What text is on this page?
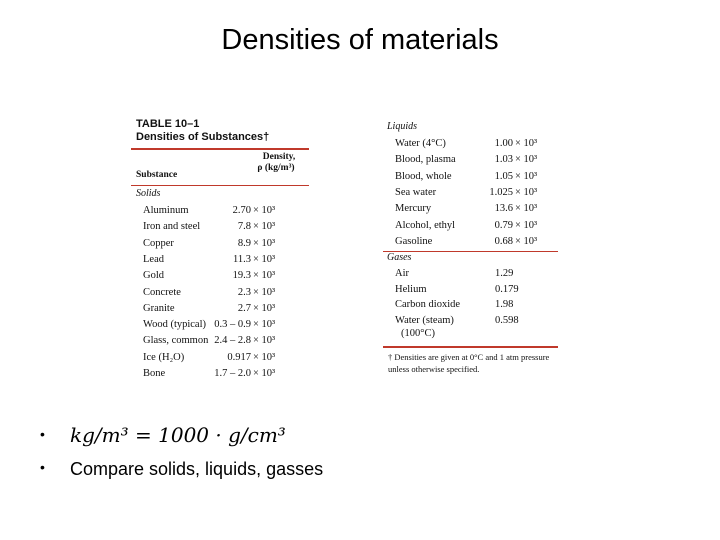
Densities of materials
TABLE 10–1
Densities of Substances†
Density,
ρ (kg/m³)
Substance
Solids
Aluminum	2.70 × 10³
Iron and steel	7.8 × 10³
Copper	8.9 × 10³
Lead	11.3 × 10³
Gold	19.3 × 10³
Concrete	2.3 × 10³
Granite	2.7 × 10³
Wood (typical) 0.3 – 0.9 × 10³
Glass, common 2.4 – 2.8 × 10³
Ice (H₂O)	0.917 × 10³
Bone	1.7 – 2.0 × 10³
Liquids
Water (4°C)	1.00 × 10³
Blood, plasma	1.03 × 10³
Blood, whole	1.05 × 10³
Sea water	1.025 × 10³
Mercury	13.6 × 10³
Alcohol, ethyl	0.79 × 10³
Gasoline	0.68 × 10³
Gases
Air	1.29
Helium	0.179
Carbon dioxide	1.98
Water (steam)	0.598
(100°C)
† Densities are given at 0°C and 1 atm pressure unless otherwise specified.
• kg/m³ = 1000 · g/cm³
• Compare solids, liquids, gasses
